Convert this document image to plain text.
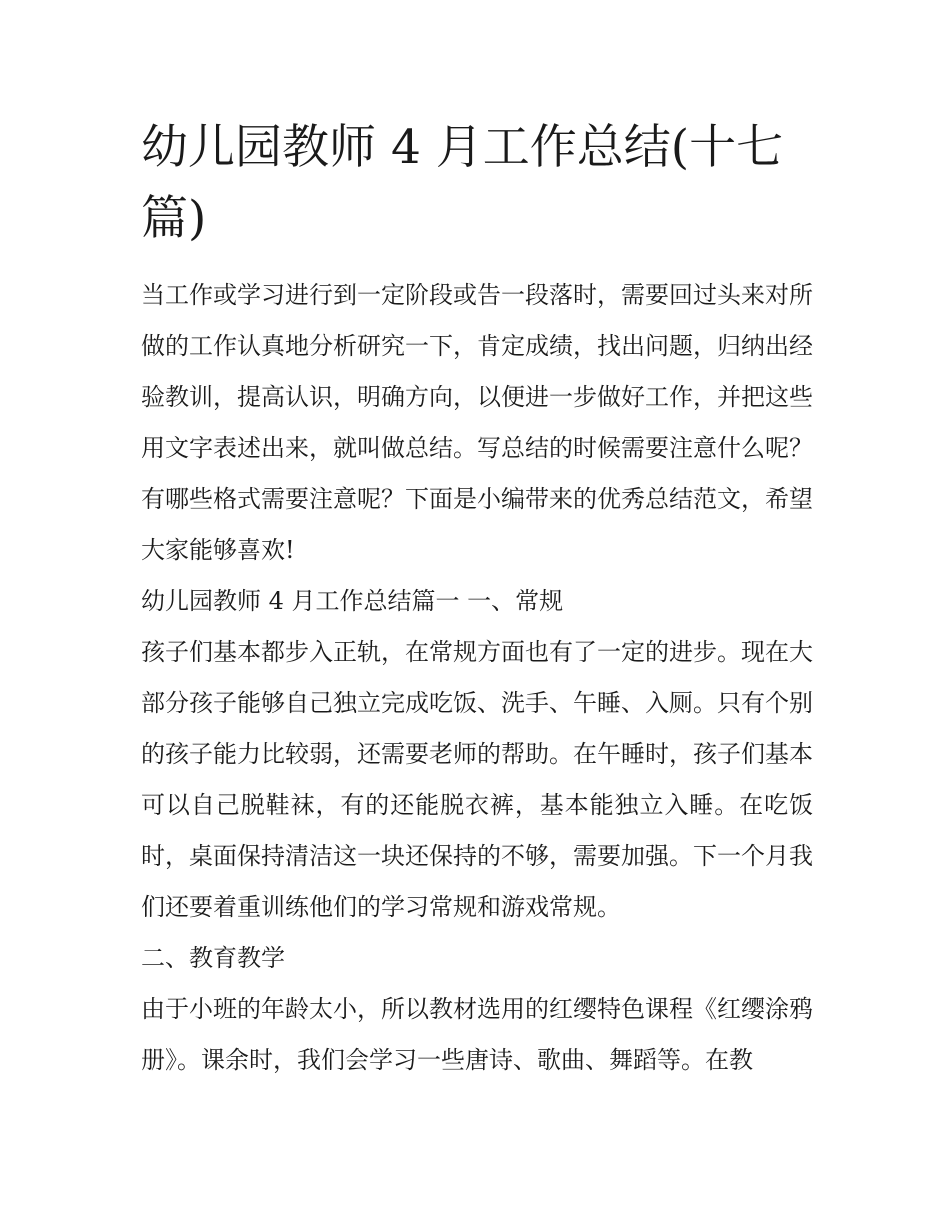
幼儿园教师 4 月工作总结(十七篇)

当工作或学习进行到一定阶段或告一段落时，需要回过头来对所做的工作认真地分析研究一下，肯定成绩，找出问题，归纳出经验教训，提高认识，明确方向，以便进一步做好工作，并把这些用文字表述出来，就叫做总结。写总结的时候需要注意什么呢？有哪些格式需要注意呢？下面是小编带来的优秀总结范文，希望大家能够喜欢!

幼儿园教师 4 月工作总结篇一 一、常规

孩子们基本都步入正轨，在常规方面也有了一定的进步。现在大部分孩子能够自己独立完成吃饭、洗手、午睡、入厕。只有个别的孩子能力比较弱，还需要老师的帮助。在午睡时，孩子们基本可以自己脱鞋袜，有的还能脱衣裤，基本能独立入睡。在吃饭时，桌面保持清洁这一块还保持的不够，需要加强。下一个月我们还要着重训练他们的学习常规和游戏常规。

二、教育教学

由于小班的年龄太小，所以教材选用的红缨特色课程《红缨涂鸦册》。课余时，我们会学习一些唐诗、歌曲、舞蹈等。在教
